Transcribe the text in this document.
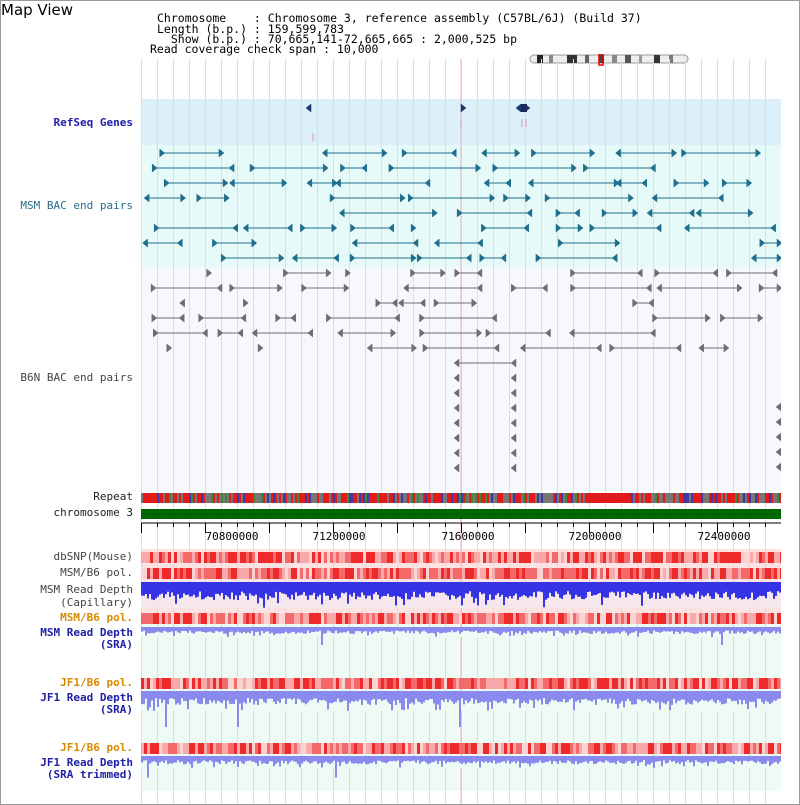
Map View	Chromosome    : Chromosome 3, reference assembly (C57BL/6J) (Build 37)
Length (b.p.) : 159,599,783
Show (b.p.) : 70,665,141-72,665,665 : 2,000,525 bp
Read coverage check span : 10,000
RefSeq Genes
MSM BAC end pairs
B6N BAC end pairs
Repeat
chromosome 3
dbSNP(Mouse)
MSM/B6 pol.
MSM Read Depth
(Capillary)
MSM/B6 pol.
MSM Read Depth
(SRA)
JF1/B6 pol.
JF1 Read Depth
(SRA)
JF1/B6 pol.
JF1 Read Depth
(SRA trimmed)
70800000	71200000	71600000	72000000	72400000
